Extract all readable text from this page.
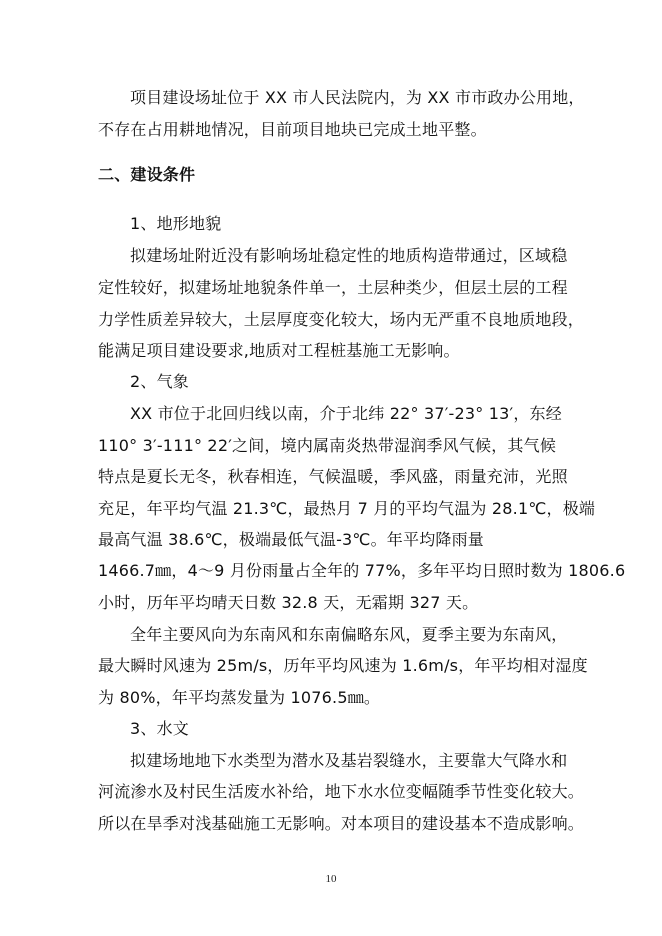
项目建设场址位于 XX 市人民法院内，为 XX 市市政办公用地，
不存在占用耕地情况，目前项目地块已完成土地平整。
二、建设条件
1、地形地貌
拟建场址附近没有影响场址稳定性的地质构造带通过，区域稳
定性较好，拟建场址地貌条件单一，土层种类少，但层土层的工程
力学性质差异较大，土层厚度变化较大，场内无严重不良地质地段，
能满足项目建设要求,地质对工程桩基施工无影响。
2、气象
XX 市位于北回归线以南，介于北纬 22° 37′-23° 13′，东经
110° 3′-111° 22′之间，境内属南炎热带湿润季风气候，其气候
特点是夏长无冬，秋春相连，气候温暖，季风盛，雨量充沛，光照
充足，年平均气温 21.3℃，最热月 7 月的平均气温为 28.1℃，极端
最高气温 38.6℃，极端最低气温-3℃。年平均降雨量
1466.7㎜，4～9 月份雨量占全年的 77%，多年平均日照时数为 1806.6
小时，历年平均晴天日数 32.8 天，无霜期 327 天。
全年主要风向为东南风和东南偏略东风，夏季主要为东南风，
最大瞬时风速为 25m/s，历年平均风速为 1.6m/s，年平均相对湿度
为 80%，年平均蒸发量为 1076.5㎜。
3、水文
拟建场地地下水类型为潜水及基岩裂缝水，主要靠大气降水和
河流渗水及村民生活废水补给，地下水水位变幅随季节性变化较大。
所以在旱季对浅基础施工无影响。对本项目的建设基本不造成影响。
10
